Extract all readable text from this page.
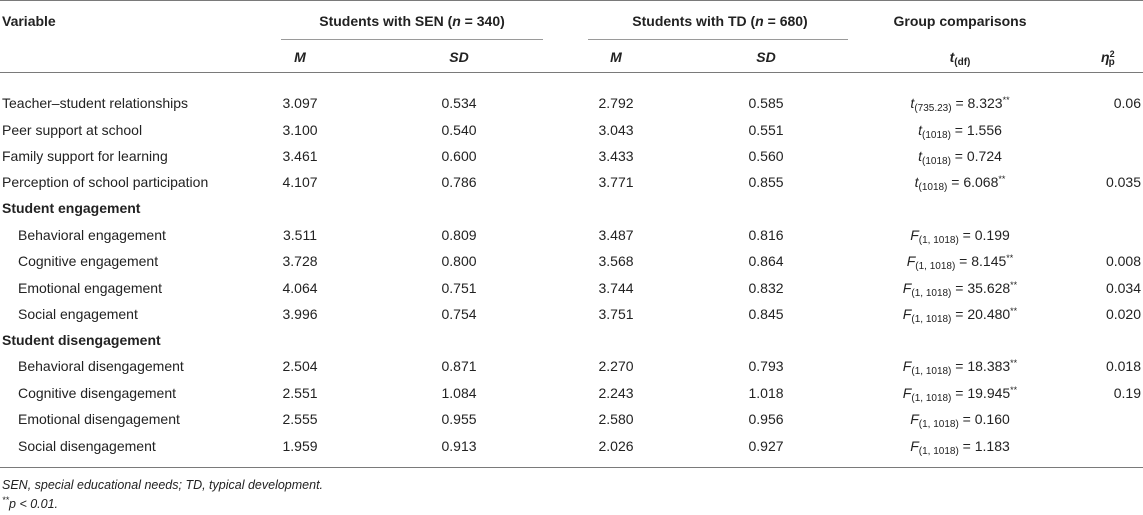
Variable	Students with SEN (n = 340)	Students with TD (n = 680)	Group comparisons
M	SD	M	SD	$t_{(df)}$	$\eta^2_p$
Teacher–student relationships	3.097	0.534	2.792	0.585	$t_{(735.23)} = 8.323^{**}$	0.06
Peer support at school	3.100	0.540	3.043	0.551	$t_{(1018)} = 1.556$
Family support for learning	3.461	0.600	3.433	0.560	$t_{(1018)} = 0.724$
Perception of school participation	4.107	0.786	3.771	0.855	$t_{(1018)} = 6.068^{**}$	0.035
Student engagement
Behavioral engagement	3.511	0.809	3.487	0.816	$F_{(1, 1018)} = 0.199$
Cognitive engagement	3.728	0.800	3.568	0.864	$F_{(1, 1018)} = 8.145^{**}$	0.008
Emotional engagement	4.064	0.751	3.744	0.832	$F_{(1, 1018)} = 35.628^{**}$	0.034
Social engagement	3.996	0.754	3.751	0.845	$F_{(1, 1018)} = 20.480^{**}$	0.020
Student disengagement
Behavioral disengagement	2.504	0.871	2.270	0.793	$F_{(1, 1018)} = 18.383^{**}$	0.018
Cognitive disengagement	2.551	1.084	2.243	1.018	$F_{(1, 1018)} = 19.945^{**}$	0.19
Emotional disengagement	2.555	0.955	2.580	0.956	$F_{(1, 1018)} = 0.160$
Social disengagement	1.959	0.913	2.026	0.927	$F_{(1, 1018)} = 1.183$
SEN, special educational needs; TD, typical development.
**p < 0.01.
